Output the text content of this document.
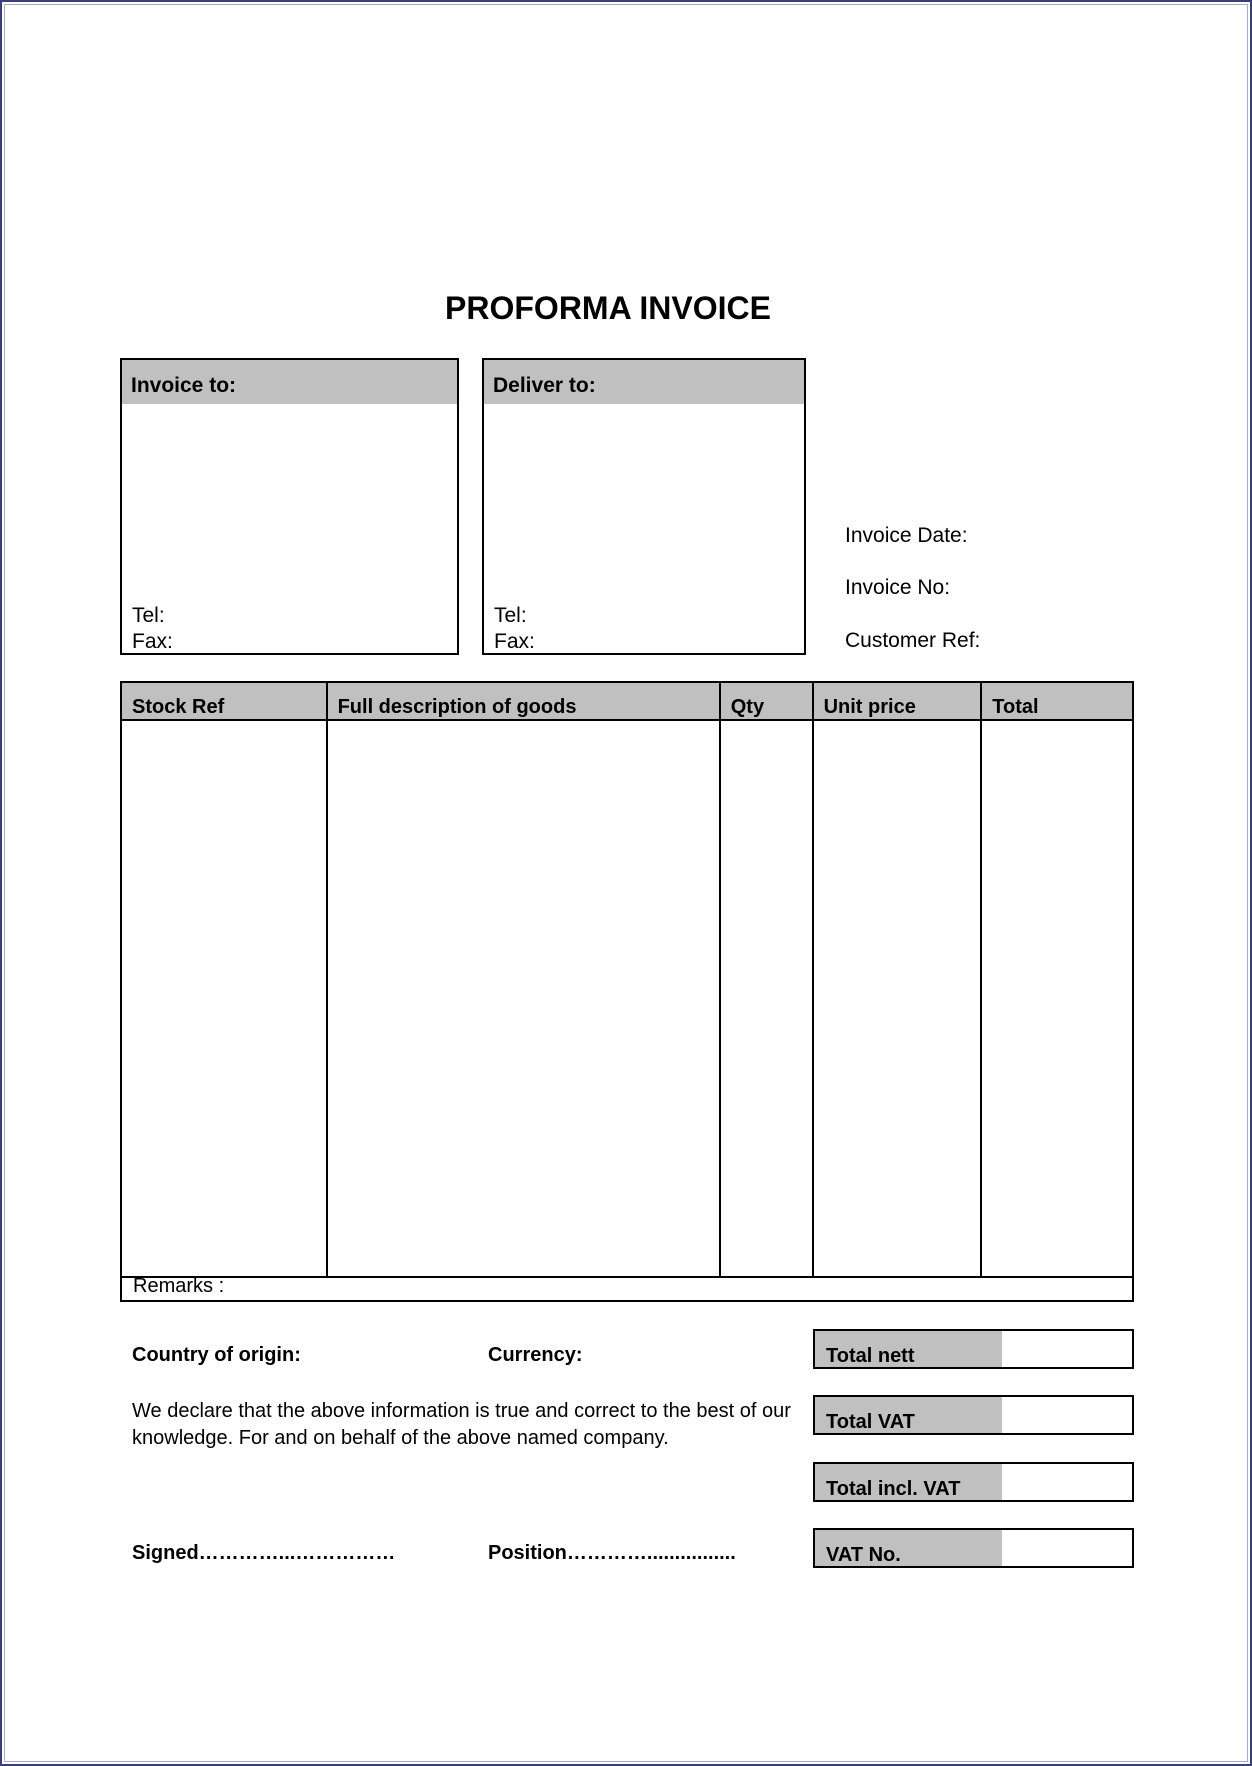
PROFORMA INVOICE
Invoice to:
Tel:
Fax:
Deliver to:
Tel:
Fax:
Invoice Date:
Invoice No:
Customer Ref:
Stock Ref	Full description of goods	Qty	Unit price	Total

Remarks :
Country of origin:	Currency:
We declare that the above information is true and correct to the best of our knowledge. For and on behalf of the above named company.
Signed…………...……………	Position…………................
Total nett
Total VAT
Total incl. VAT
VAT No.
